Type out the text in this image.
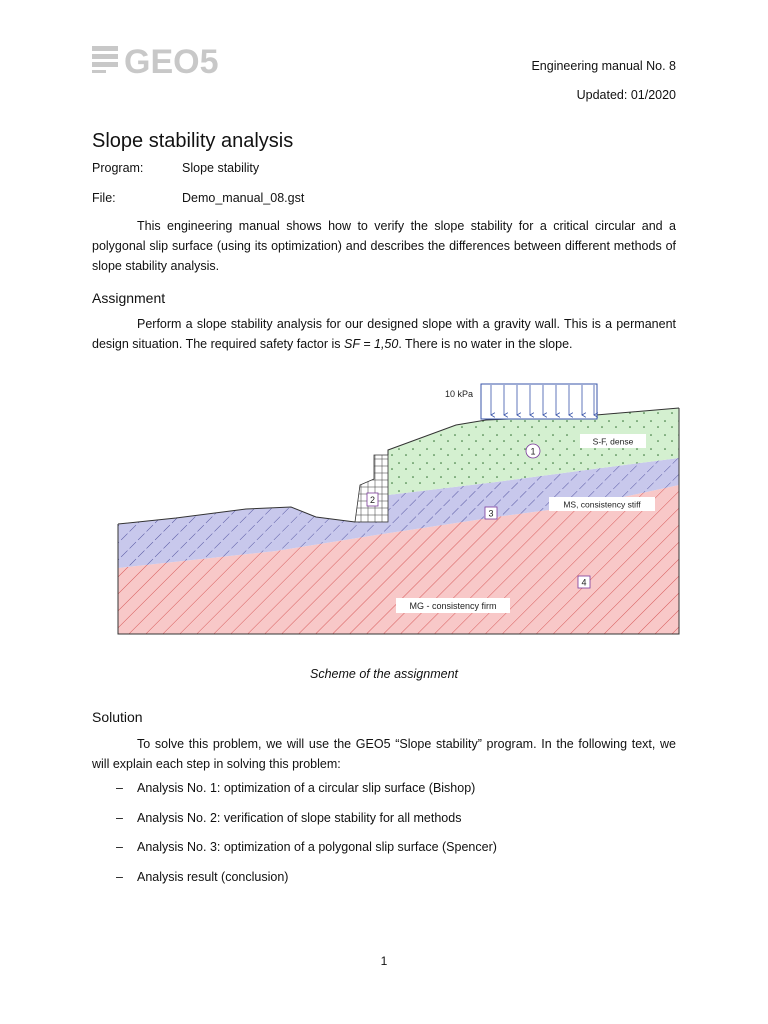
GEO5	Engineering manual No. 8
Updated: 01/2020
Slope stability analysis
Program:	Slope stability
File:	Demo_manual_08.gst

This engineering manual shows how to verify the slope stability for a critical circular and a polygonal slip surface (using its optimization) and describes the differences between different methods of slope stability analysis.

Assignment

Perform a slope stability analysis for our designed slope with a gravity wall. This is a permanent design situation. The required safety factor is SF = 1,50. There is no water in the slope.

10 kPa
1
2
3
4
S-F, dense
MS, consistency stiff
MG - consistency firm
Scheme of the assignment
Solution

To solve this problem, we will use the GEO5 “Slope stability” program. In the following text, we will explain each step in solving this problem:

– Analysis No. 1: optimization of a circular slip surface (Bishop)
– Analysis No. 2: verification of slope stability for all methods
– Analysis No. 3: optimization of a polygonal slip surface (Spencer)
– Analysis result (conclusion)
1
